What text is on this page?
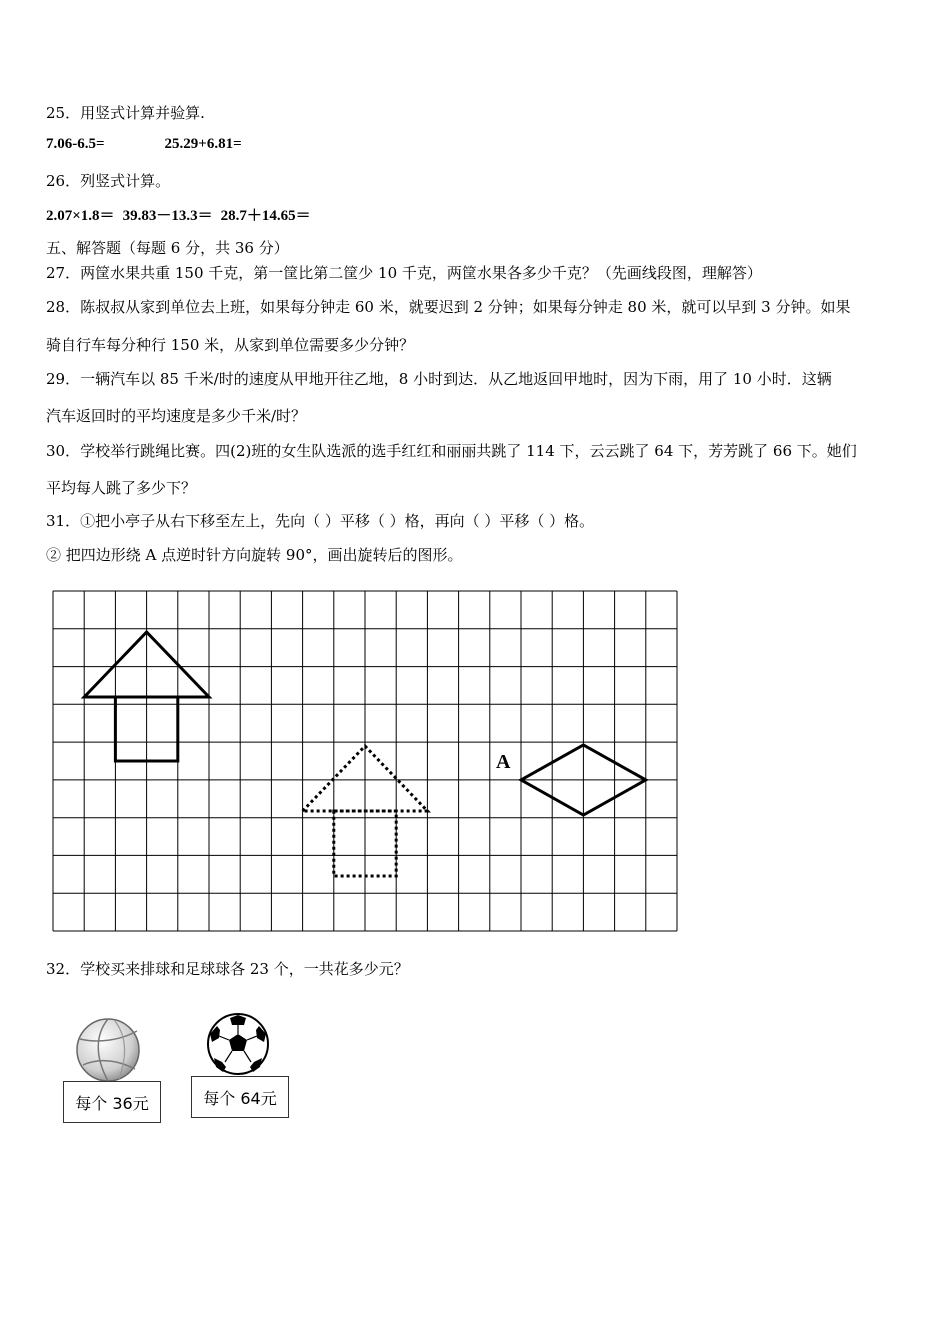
25．用竖式计算并验算.
7.06-6.5=	25.29+6.81=
26．列竖式计算。
2.07×1.8＝ 39.83－13.3＝ 28.7＋14.65＝
五、解答题（每题 6 分，共 36 分）
27．两筐水果共重 150 千克，第一筐比第二筐少 10 千克，两筐水果各多少千克？（先画线段图，理解答）
28．陈叔叔从家到单位去上班，如果每分钟走 60 米，就要迟到 2 分钟；如果每分钟走 80 米，就可以早到 3 分钟。如果
骑自行车每分种行 150 米，从家到单位需要多少分钟？
29．一辆汽车以 85 千米/时的速度从甲地开往乙地，8 小时到达．从乙地返回甲地时，因为下雨，用了 10 小时．这辆
汽车返回时的平均速度是多少千米/时？
30．学校举行跳绳比赛。四(2)班的女生队选派的选手红红和丽丽共跳了 114 下，云云跳了 64 下，芳芳跳了 66 下。她们
平均每人跳了多少下？
31．①把小亭子从右下移至左上，先向（ ）平移（ ）格，再向（ ）平移（ ）格。
② 把四边形绕 A 点逆时针方向旋转 90°，画出旋转后的图形。
A
32．学校买来排球和足球球各 23 个，一共花多少元？
每个 36元	每个 64元
